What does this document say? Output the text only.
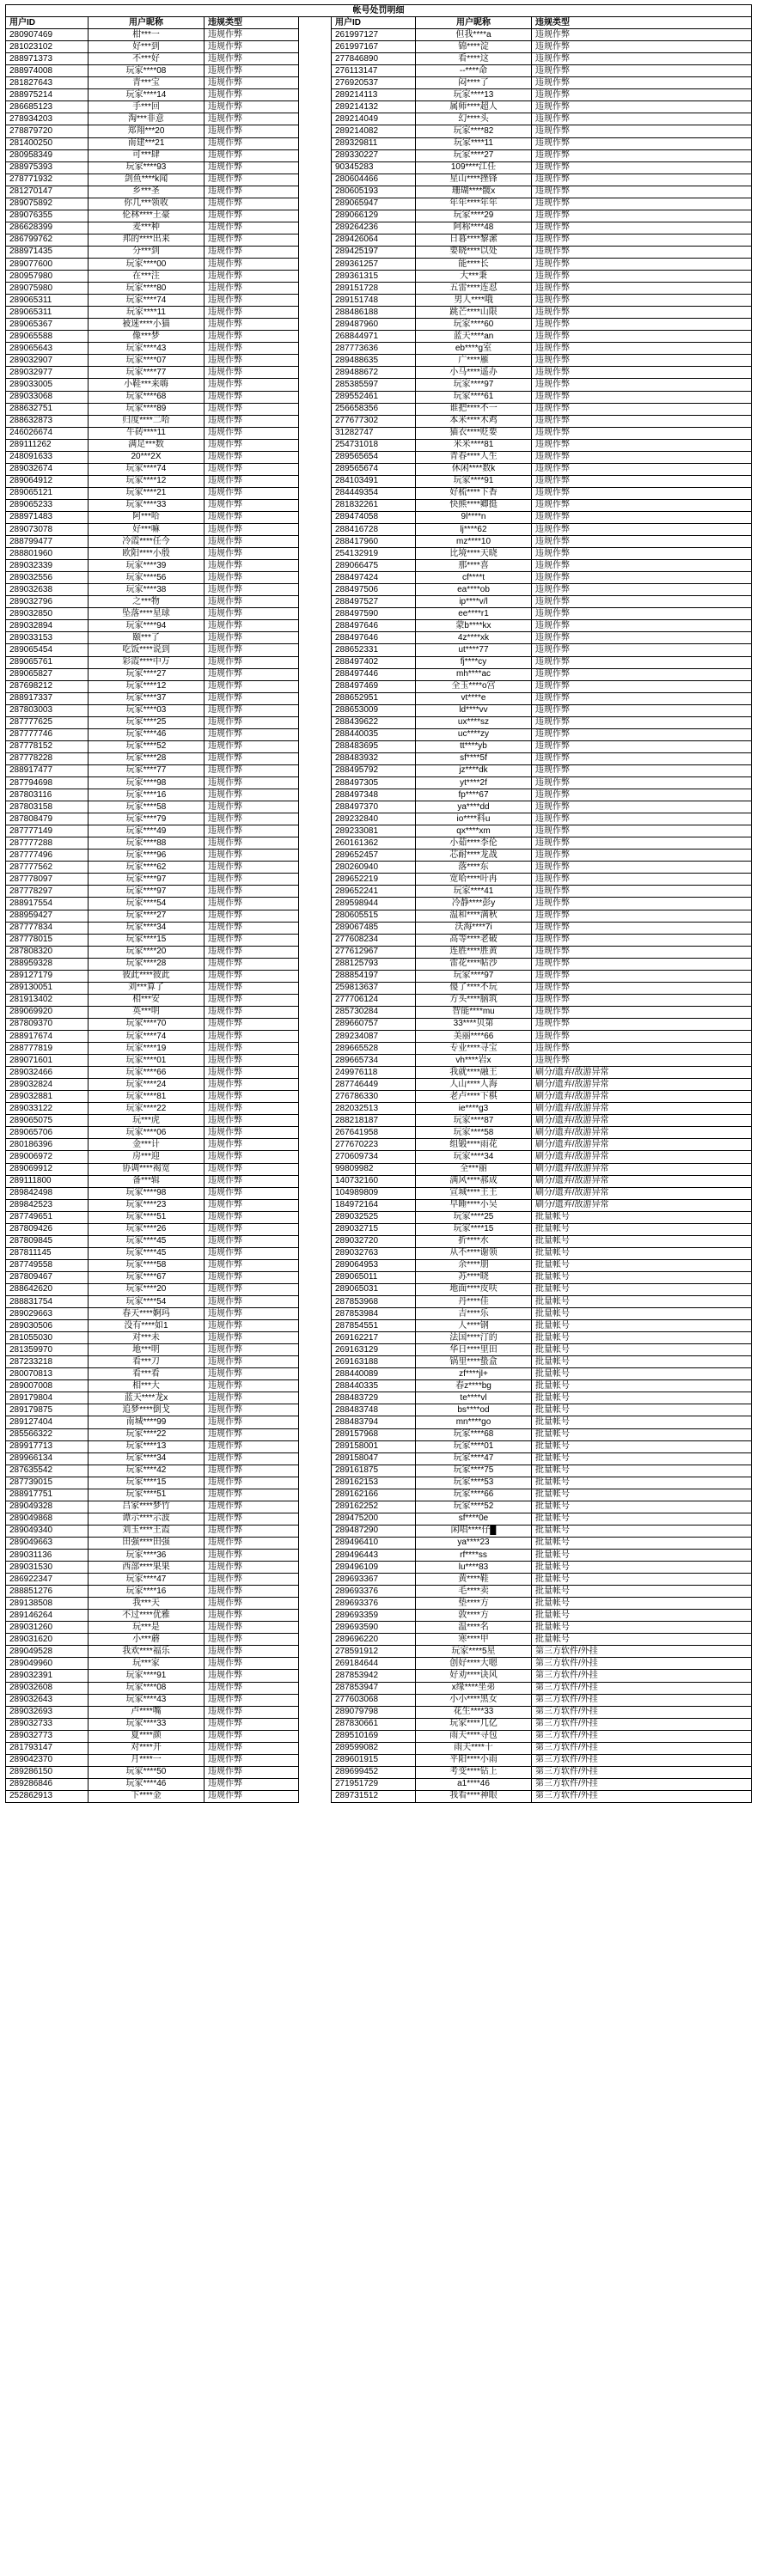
帐号处罚明细						
用户ID	用户昵称	违规类型		用户ID	用户昵称	违规类型
280907469	柑***一	违规作弊		261997127	但我****a	违规作弊
281023102	好***到	违规作弊		261997167	锦****淀	违规作弊
288971373	不***好	违规作弊		277846890	看****这	违规作弊
288974008	玩家****08	违规作弊		276113147	--****命	违规作弊
281827643	青***宝	违规作弊		276920537	闷****了	违规作弊
288975214	玩家****14	违规作弊		289214113	玩家****13	违规作弊
286685123	手***回	违规作弊		289214132	属师****超人	违规作弊
278934203	淘***非意	违规作弊		289214049	幻****头	违规作弊
278879720	郑翔***20	违规作弊		289214082	玩家****82	违规作弊
281400250	南建***21	违规作弊		289329811	玩家****11	违规作弊
280958349	可***肆	违规作弊		289330227	玩家****27	违规作弊
288975393	玩家****93	违规作弊		90345283	109****江任	违规作弊
278771932	剑鱼****k闻	违规作弊		280604466	星山****挫锋	违规作弊
281270147	乡***圣	违规作弊		280605193	珊瑚****髋x	违规作弊
289075892	你几***领收	违规作弊		289065947	年年****年年	违规作弊
289076355	伦林****土豪	违规作弊		289066129	玩家****29	违规作弊
286628399	麦***种	违规作弊		289264236	阿称****48	违规作弊
286799762	邦的****出来	违规作弊		289426064	日暮****黎潆	违规作弊
288971435	分***到	违规作弊		289425197	要晓****以处	违规作弊
289077600	玩家****00	违规作弊		289361257	能****长	违规作弊
280957980	在***注	违规作弊		289361315	大***秉	违规作弊
289075980	玩家****80	违规作弊		289151728	五雷****连怼	违规作弊
289065311	玩家****74	违规作弊		289151748	男人****哦	违规作弊
289065311	玩家****11	违规作弊		288486188	跳芒****山限	违规作弊
289065367	被迷****小猫	违规作弊		289487960	玩家****60	违规作弊
289065588	像***梦	违规作弊		268844971	蓝天****an	违规作弊
289065643	玩家****43	违规作弊		287773636	eb****g室	违规作弊
289032907	玩家****07	违规作弊		289488635	广****雁	违规作弊
289032977	玩家****77	违规作弊		289488672	小马****遥办	违规作弊
289033005	小鞋***来嗨	违规作弊		285385597	玩家****97	违规作弊
289033068	玩家****68	违规作弊		289552461	玩家****61	违规作弊
288632751	玩家****89	违规作弊		256658356	谁把****不一	违规作弊
288632873	归度****二哈	违规作弊		277677302	本米****木鸡	违规作弊
246026674	牛砖****11	违规作弊		31282747	猫衣****贬要	违规作弊
289111262	满足***数	违规作弊		254731018	米米****81	违规作弊
248091633	20***2X	违规作弊		289565654	青春****人生	违规作弊
289032674	玩家****74	违规作弊		289565674	休闲****数k	违规作弊
289064912	玩家****12	违规作弊		284103491	玩家****91	违规作弊
289065121	玩家****21	违规作弊		284449354	好梳****下香	违规作弊
289065233	玩家****33	违规作弊		281832261	快熊****卿挺	违规作弊
288971483	阿***哈	违规作弊		289474058	9l****n	违规作弊
289073078	好***嘛	违规作弊		288416728	lj****62	违规作弊
288799477	冷霞****任今	违规作弊		288417960	mz****10	违规作弊
288801960	欧阳****小殷	违规作弊		254132919	比境****天晓	违规作弊
289032339	玩家****39	违规作弊		289066475	那****喜	违规作弊
289032556	玩家****56	违规作弊		288497424	cf****t	违规作弊
289032638	玩家****38	违规作弊		288497506	ea****ob	违规作弊
289032796	之***物	违规作弊		288497527	ip****v/l	违规作弊
289032850	坠落****星球	违规作弊		288497590	ee****r1	违规作弊
289032894	玩家****94	违规作弊		288497646	蒙b****kx	违规作弊
289033153	颐***了	违规作弊		288497646	4z****xk	违规作弊
289065454	吃饭****说到	违规作弊		288652331	ut****77	违规作弊
289065761	彩霞****中万	违规作弊		288497402	fj****cy	违规作弊
289065827	玩家****27	违规作弊		288497446	mh****ac	违规作弊
287698212	玩家****12	违规作弊		288497469	全玉****o宫	违规作弊
288917337	玩家****37	违规作弊		288652951	vt****e	违规作弊
287803003	玩家****03	违规作弊		288653009	ld****vv	违规作弊
287777625	玩家****25	违规作弊		288439622	ux****sz	违规作弊
287777746	玩家****46	违规作弊		288440035	uc****zy	违规作弊
287778152	玩家****52	违规作弊		288483695	tt****yb	违规作弊
287778228	玩家****28	违规作弊		288483932	sf****5f	违规作弊
288917477	玩家****77	违规作弊		288495792	jz****dk	违规作弊
287794698	玩家****98	违规作弊		288497305	yt****2f	违规作弊
287803116	玩家****16	违规作弊		288497348	fp****67	违规作弊
287803158	玩家****58	违规作弊		288497370	ya****dd	违规作弊
287808479	玩家****79	违规作弊		289232840	io****料u	违规作弊
287777149	玩家****49	违规作弊		289233081	qx****xm	违规作弊
287777288	玩家****88	违规作弊		260161362	小茹****李伦	违规作弊
287777496	玩家****96	违规作弊		289652457	芯耐****龙战	违规作弊
287777562	玩家****62	违规作弊		280260940	落****东	违规作弊
287778097	玩家****97	违规作弊		289652219	宽哈****叶冉	违规作弊
287778297	玩家****97	违规作弊		289652241	玩家****41	违规作弊
288917554	玩家****54	违规作弊		289598944	冷静****彭y	违规作弊
288959427	玩家****27	违规作弊		280605515	温和****满秋	违规作弊
287777834	玩家****34	违规作弊		289067485	沃海****7i	违规作弊
287778015	玩家****15	违规作弊		277608234	高等****老破	违规作弊
287808320	玩家****20	违规作弊		277612967	连胜****胜黄	违规作弊
288959328	玩家****28	违规作弊		288125793	雷花****帖沙	违规作弊
289127179	彼此****彼此	违规作弊		288854197	玩家****97	违规作弊
289130051	刘***算了	违规作弊		259813637	傻了****不玩	违规作弊
281913402	相***安	违规作弊		277706124	方头****脑筑	违规作弊
289069920	英***明	违规作弊		285730284	智能****mu	违规作弊
287809370	玩家****70	违规作弊		289660757	33****贝第	违规作弊
288917674	玩家****74	违规作弊		289234087	美丽****66	违规作弊
288777819	玩家****19	违规作弊		289665528	专业****寻宝	违规作弊
289071601	玩家****01	违规作弊		289665734	vh****岩x	违规作弊
289032466	玩家****66	违规作弊		249976118	我就****融王	刷分/遗弃/敌游异常
289032824	玩家****24	违规作弊		287746449	人山****人海	刷分/遗弃/敌游异常
289032881	玩家****81	违规作弊		276786330	老卢****下棋	刷分/遗弃/敌游异常
289033122	玩家****22	违规作弊		282032513	ie****g3	刷分/遗弃/敌游异常
289065075	玩***虎	违规作弊		288218187	玩家****87	刷分/遗弃/敌游异常
289065706	玩家****06	违规作弊		267641958	玩家****58	刷分/遗弃/敌游异常
280186396	金***计	违规作弊		277670223	组锻****雨花	刷分/遗弃/敌游异常
289006972	房***迎	违规作弊		270609734	玩家****34	刷分/遗弃/敌游异常
289069912	协调****褐宽	违规作弊		99809982	全***丽	刷分/遗弃/敌游异常
289111800	备***辑	违规作弊		140732160	满风****郝成	刷分/遗弃/敌游异常
289842498	玩家****98	违规作弊		104989809	宣城****王王	刷分/遗弃/敌游异常
289842523	玩家****23	违规作弊		184972164	早睡****小吴	刷分/遗弃/敌游异常
287749651	玩家****51	违规作弊		289032525	玩家****25	批量帐号
287809426	玩家****26	违规作弊		289032715	玩家****15	批量帐号
287809845	玩家****45	违规作弊		289032720	折****水	批量帐号
287811145	玩家****45	违规作弊		289032763	从不****谢领	批量帐号
287749558	玩家****58	违规作弊		289064953	余****朋	批量帐号
287809467	玩家****67	违规作弊		289065011	苏****晓	批量帐号
288642620	玩家****20	违规作弊		289065031	地面****皮呋	批量帐号
288831754	玩家****54	违规作弊		287853968	丹****佳	批量帐号
289029663	春天****婀玛	违规作弊		287853984	吉****乐	批量帐号
289030506	没有****如1	违规作弊		287854551	人****钢	批量帐号
281055030	对***未	违规作弊		269162217	法国****汀的	批量帐号
281359970	地***明	违规作弊		269163129	华日****里田	批量帐号
287233218	看***刀	违规作弊		269163188	锅里****蛰盒	批量帐号
280070813	看***看	违规作弊		288440089	zf****jl+	批量帐号
289007008	相***大	违规作弊		288440335	春z****bg	批量帐号
289179804	蓝天****龙x	违规作弊		288483729	te****vl	批量帐号
289179875	追梦****倒戈	违规作弊		288483748	bs****od	批量帐号
289127404	南城****99	违规作弊		288483794	mn****go	批量帐号
285566322	玩家****22	违规作弊		289157968	玩家****68	批量帐号
289917713	玩家****13	违规作弊		289158001	玩家****01	批量帐号
289966134	玩家****34	违规作弊		289158047	玩家****47	批量帐号
287635542	玩家****42	违规作弊		289161875	玩家****75	批量帐号
287739015	玩家****15	违规作弊		289162153	玩家****53	批量帐号
288917751	玩家****51	违规作弊		289162166	玩家****66	批量帐号
289049328	吕家****梦竹	违规作弊		289162252	玩家****52	批量帐号
289049868	谭示****示波	违规作弊		289475200	sf****0e	批量帐号
289049340	刘玉****王霞	违规作弊		289487290	闲唱****仔█	批量帐号
289049663	田强****田强	违规作弊		289496410	ya****23	批量帐号
289031136	玩家****36	违规作弊		289496443	rf****ss	批量帐号
289031530	西部****果果	违规作弊		289496109	lu****83	批量帐号
286922347	玩家****47	违规作弊		289693367	黄****鞋	批量帐号
288851276	玩家****16	违规作弊		289693376	毛****卖	批量帐号
289138508	我***天	违规作弊		289693376	垫****方	批量帐号
289146264	不过****优雅	违规作弊		289693359	敦****方	批量帐号
289031260	玩***是	违规作弊		289693590	温****名	批量帐号
289031620	小***蘑	违规作弊		289696220	寒****甲	批量帐号
289049528	我欢****福乐	违规作弊		278591912	玩家****5星	第三方软件/外挂
289049960	玩***家	违规作弊		269184644	创好****大嗯	第三方软件/外挂
289032391	玩家****91	违规作弊		287853942	好劝****诀风	第三方软件/外挂
289032608	玩家****08	违规作弊		287853947	x缘****坐弟	第三方软件/外挂
289032643	玩家****43	违规作弊		277603068	小小****黑女	第三方软件/外挂
289032693	卢****嘴	违规作弊		289079798	花生****33	第三方软件/外挂
289032733	玩家****33	违规作弊		287830661	玩家****几亿	第三方软件/外挂
289032773	夏****颜	违规作弊		289510169	雨天****寻包	第三方软件/外挂
281793147	对****开	违规作弊		289599082	雨天****十	第三方软件/外挂
289042370	月****一	违规作弊		289601915	平阳****小雨	第三方软件/外挂
289286150	玩家****50	违规作弊		289699452	考变****钻上	第三方软件/外挂
289286846	玩家****46	违规作弊		271951729	a1****46	第三方软件/外挂
252862913	下****金	违规作弊		289731512	我看****神眼	第三方软件/外挂
